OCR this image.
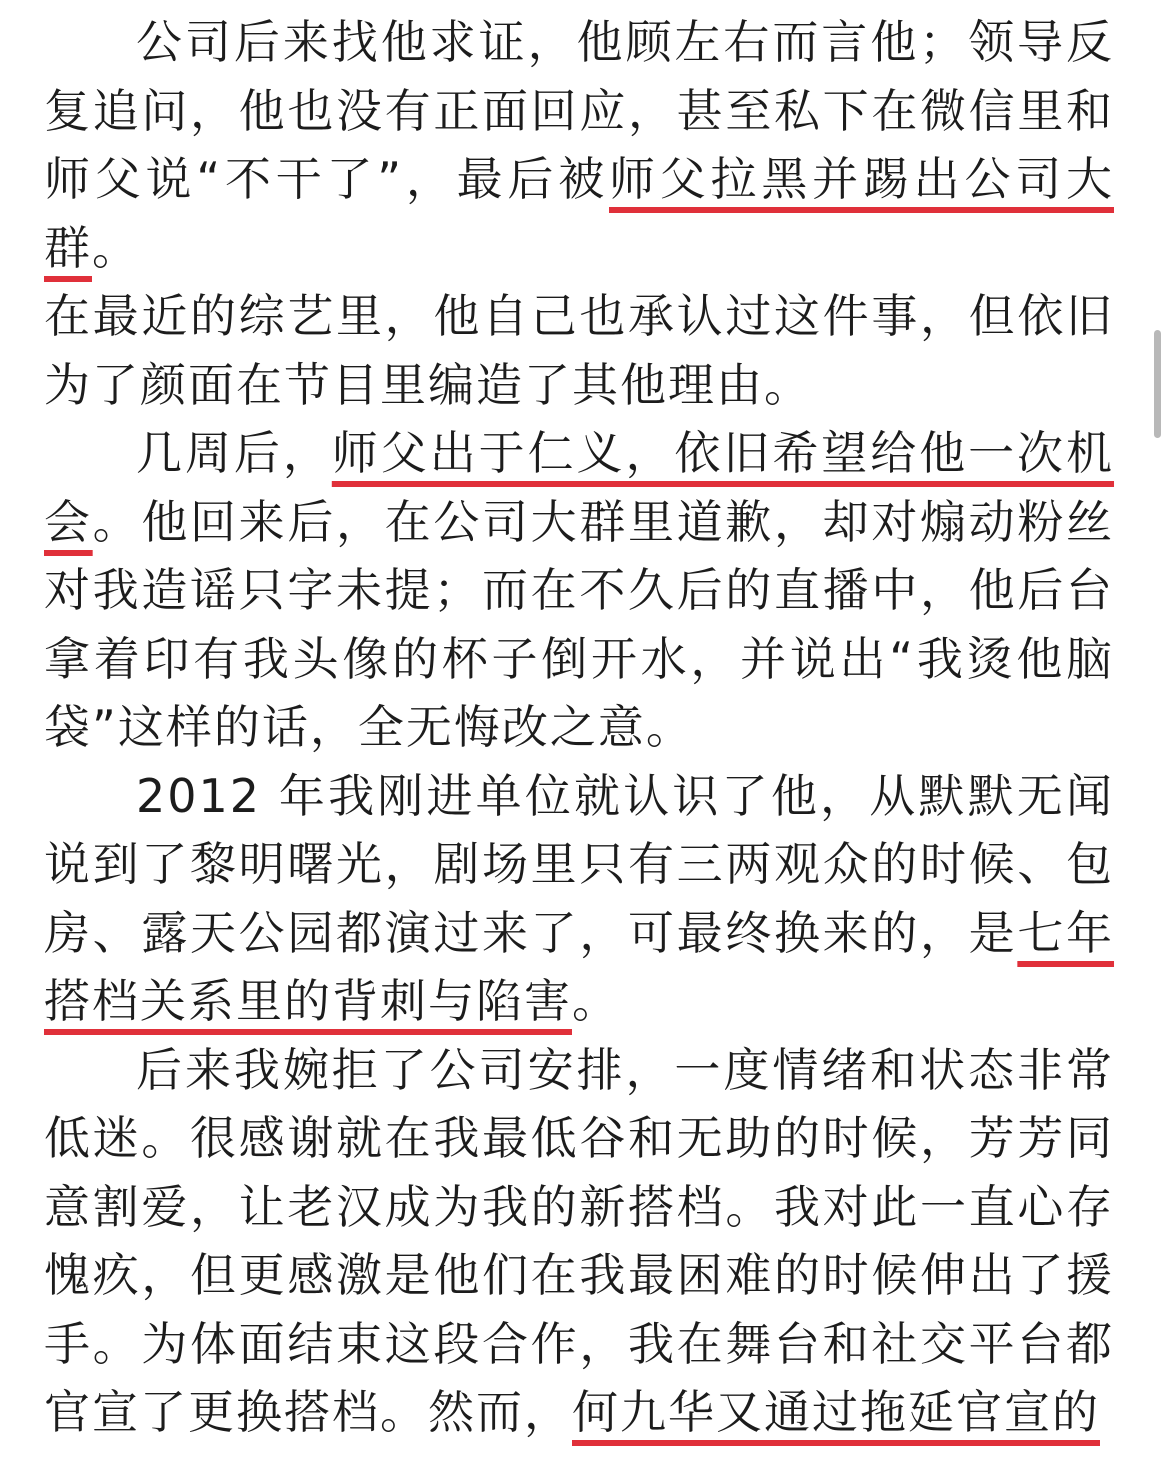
公司后来找他求证，他顾左右而言他；领导反复追问，他也没有正面回应，甚至私下在微信里和师父说“不干了”，最后被师父拉黑并踢出公司大群。

在最近的综艺里，他自己也承认过这件事，但依旧为了颜面在节目里编造了其他理由。

几周后，师父出于仁义，依旧希望给他一次机会。他回来后，在公司大群里道歉，却对煽动粉丝对我造谣只字未提；而在不久后的直播中，他后台拿着印有我头像的杯子倒开水，并说出“我烫他脑袋”这样的话，全无悔改之意。

2012 年我刚进单位就认识了他，从默默无闻说到了黎明曙光，剧场里只有三两观众的时候、包房、露天公园都演过来了，可最终换来的，是七年搭档关系里的背刺与陷害。

后来我婉拒了公司安排，一度情绪和状态非常低迷。很感谢就在我最低谷和无助的时候，芳芳同意割爱，让老汉成为我的新搭档。我对此一直心存愧疚，但更感激是他们在我最困难的时候伸出了援手。为体面结束这段合作，我在舞台和社交平台都官宣了更换搭档。然而，何九华又通过拖延官宣的
